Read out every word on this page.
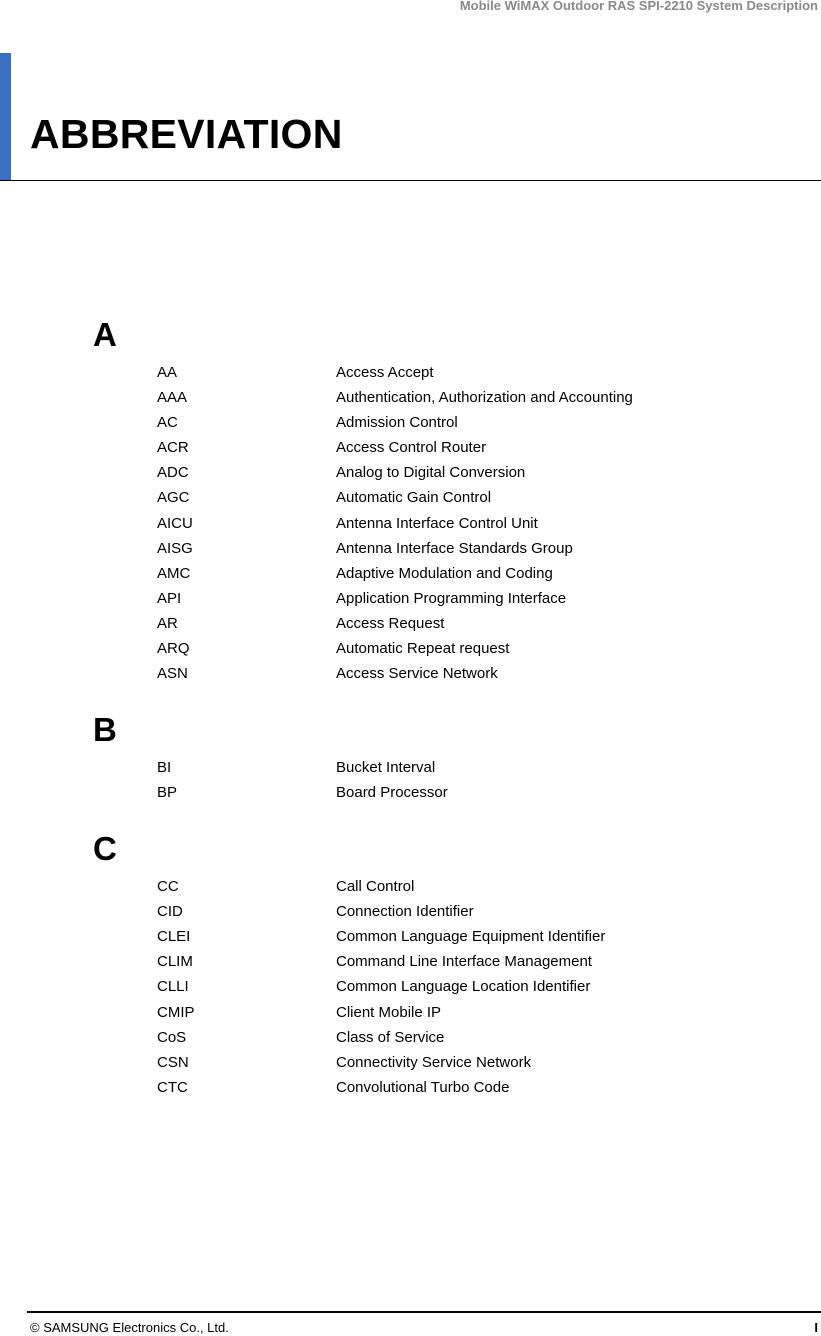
Mobile WiMAX Outdoor RAS SPI-2210 System Description
ABBREVIATION
A
AA	Access Accept
AAA	Authentication, Authorization and Accounting
AC	Admission Control
ACR	Access Control Router
ADC	Analog to Digital Conversion
AGC	Automatic Gain Control
AICU	Antenna Interface Control Unit
AISG	Antenna Interface Standards Group
AMC	Adaptive Modulation and Coding
API	Application Programming Interface
AR	Access Request
ARQ	Automatic Repeat request
ASN	Access Service Network
B
BI	Bucket Interval
BP	Board Processor
C
CC	Call Control
CID	Connection Identifier
CLEI	Common Language Equipment Identifier
CLIM	Command Line Interface Management
CLLI	Common Language Location Identifier
CMIP	Client Mobile IP
CoS	Class of Service
CSN	Connectivity Service Network
CTC	Convolutional Turbo Code
© SAMSUNG Electronics Co., Ltd.	I
